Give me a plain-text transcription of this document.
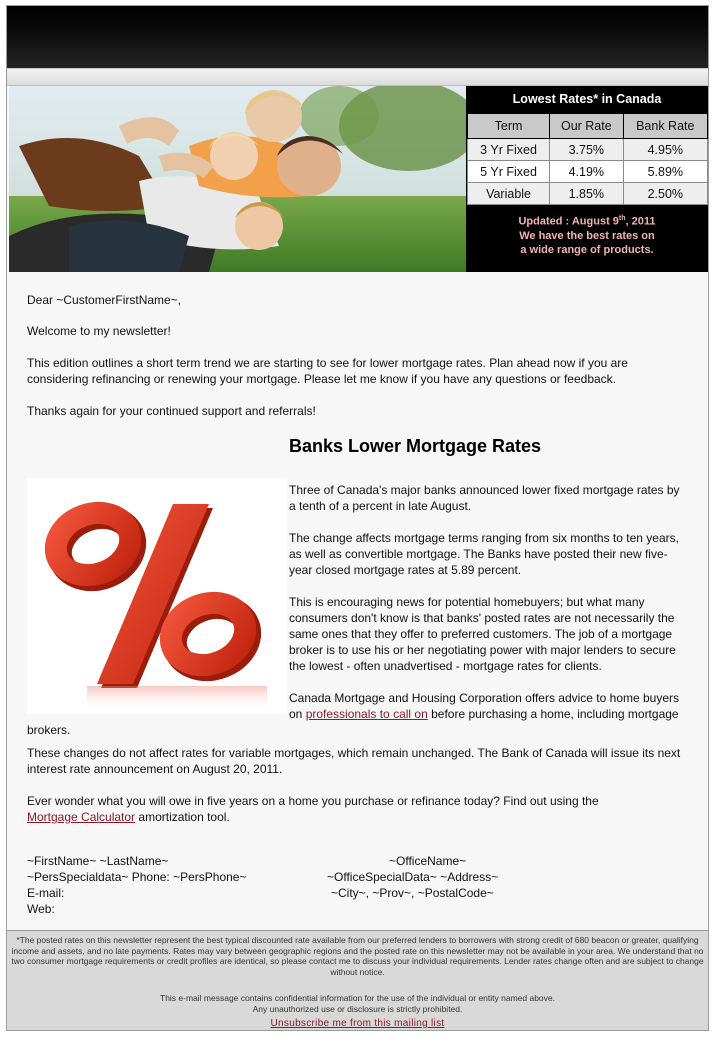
Lowest Rates* in Canada
Term	Our Rate	Bank Rate
3 Yr Fixed	3.75%	4.95%
5 Yr Fixed	4.19%	5.89%
Variable	1.85%	2.50%
Updated : August 9th, 2011
We have the best rates on
a wide range of products.
Dear ~CustomerFirstName~,
Welcome to my newsletter!
This edition outlines a short term trend we are starting to see for lower mortgage rates. Plan ahead now if you are considering refinancing or renewing your mortgage. Please let me know if you have any questions or feedback.
Thanks again for your continued support and referrals!
Banks Lower Mortgage Rates
Three of Canada's major banks announced lower fixed mortgage rates by a tenth of a percent in late August.
The change affects mortgage terms ranging from six months to ten years, as well as convertible mortgage. The Banks have posted their new five-year closed mortgage rates at 5.89 percent.
This is encouraging news for potential homebuyers; but what many consumers don't know is that banks' posted rates are not necessarily the same ones that they offer to preferred customers. The job of a mortgage broker is to use his or her negotiating power with major lenders to secure the lowest - often unadvertised - mortgage rates for clients.
Canada Mortgage and Housing Corporation offers advice to home buyers on professionals to call on before purchasing a home, including mortgage
brokers.
These changes do not affect rates for variable mortgages, which remain unchanged. The Bank of Canada will issue its next interest rate announcement on August 20, 2011.
Ever wonder what you will owe in five years on a home you purchase or refinance today? Find out using the
Mortgage Calculator amortization tool.
~FirstName~ ~LastName~
~PersSpecialdata~ Phone: ~PersPhone~
E-mail:
Web:
~OfficeName~
~OfficeSpecialData~ ~Address~
~City~, ~Prov~, ~PostalCode~
*The posted rates on this newsletter represent the best typical discounted rate available from our preferred lenders to borrowers with strong credit of 680 beacon or greater, qualifying income and assets, and no late payments. Rates may vary between geographic regions and the posted rate on this newsletter may not be available in your area. We understand that no two consumer mortgage requirements or credit profiles are identical, so please contact me to discuss your individual requirements. Lender rates change often and are subject to change without notice.
This e-mail message contains confidential information for the use of the individual or entity named above.
Any unauthorized use or disclosure is strictly prohibited.
Unsubscribe me from this mailing list
